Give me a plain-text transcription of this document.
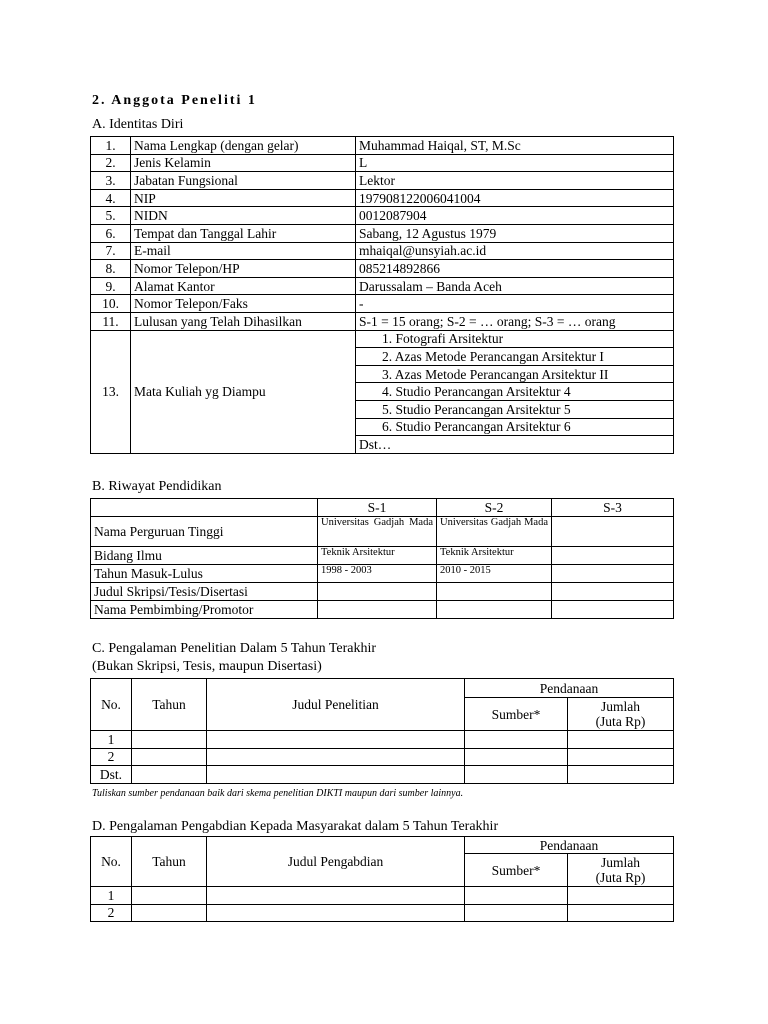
2. Anggota Peneliti 1
A. Identitas Diri
1.	Nama Lengkap (dengan gelar)	Muhammad Haiqal, ST, M.Sc
2.	Jenis Kelamin	L
3.	Jabatan Fungsional	Lektor
4.	NIP	197908122006041004
5.	NIDN	0012087904
6.	Tempat dan Tanggal Lahir	Sabang, 12 Agustus 1979
7.	E-mail	mhaiqal@unsyiah.ac.id
8.	Nomor Telepon/HP	085214892866
9.	Alamat Kantor	Darussalam – Banda Aceh
10.	Nomor Telepon/Faks	-
11.	Lulusan yang Telah Dihasilkan	S-1 = 15 orang; S-2 = … orang; S-3 = … orang
13.	Mata Kuliah yg Diampu	1. Fotografi Arsitektur
		2. Azas Metode Perancangan Arsitektur I
		3. Azas Metode Perancangan Arsitektur II
		4. Studio Perancangan Arsitektur 4
		5. Studio Perancangan Arsitektur 5
		6. Studio Perancangan Arsitektur 6
		Dst…
B. Riwayat Pendidikan
	S-1	S-2	S-3
Nama Perguruan Tinggi	Universitas Gadjah Mada	Universitas Gadjah Mada	
Bidang Ilmu	Teknik Arsitektur	Teknik Arsitektur	
Tahun Masuk-Lulus	1998 - 2003	2010 - 2015	
Judul Skripsi/Tesis/Disertasi			
Nama Pembimbing/Promotor			
C. Pengalaman Penelitian Dalam 5 Tahun Terakhir
(Bukan Skripsi, Tesis, maupun Disertasi)
No.	Tahun	Judul Penelitian	Pendanaan	
			Sumber*	Jumlah
(Juta Rp)

1				
2				
Dst.				
Tuliskan sumber pendanaan baik dari skema penelitian DIKTI maupun dari sumber lainnya.
D. Pengalaman Pengabdian Kepada Masyarakat dalam 5 Tahun Terakhir
No.	Tahun	Judul Pengabdian	Pendanaan	
			Sumber*	Jumlah
(Juta Rp)

1				
2				
